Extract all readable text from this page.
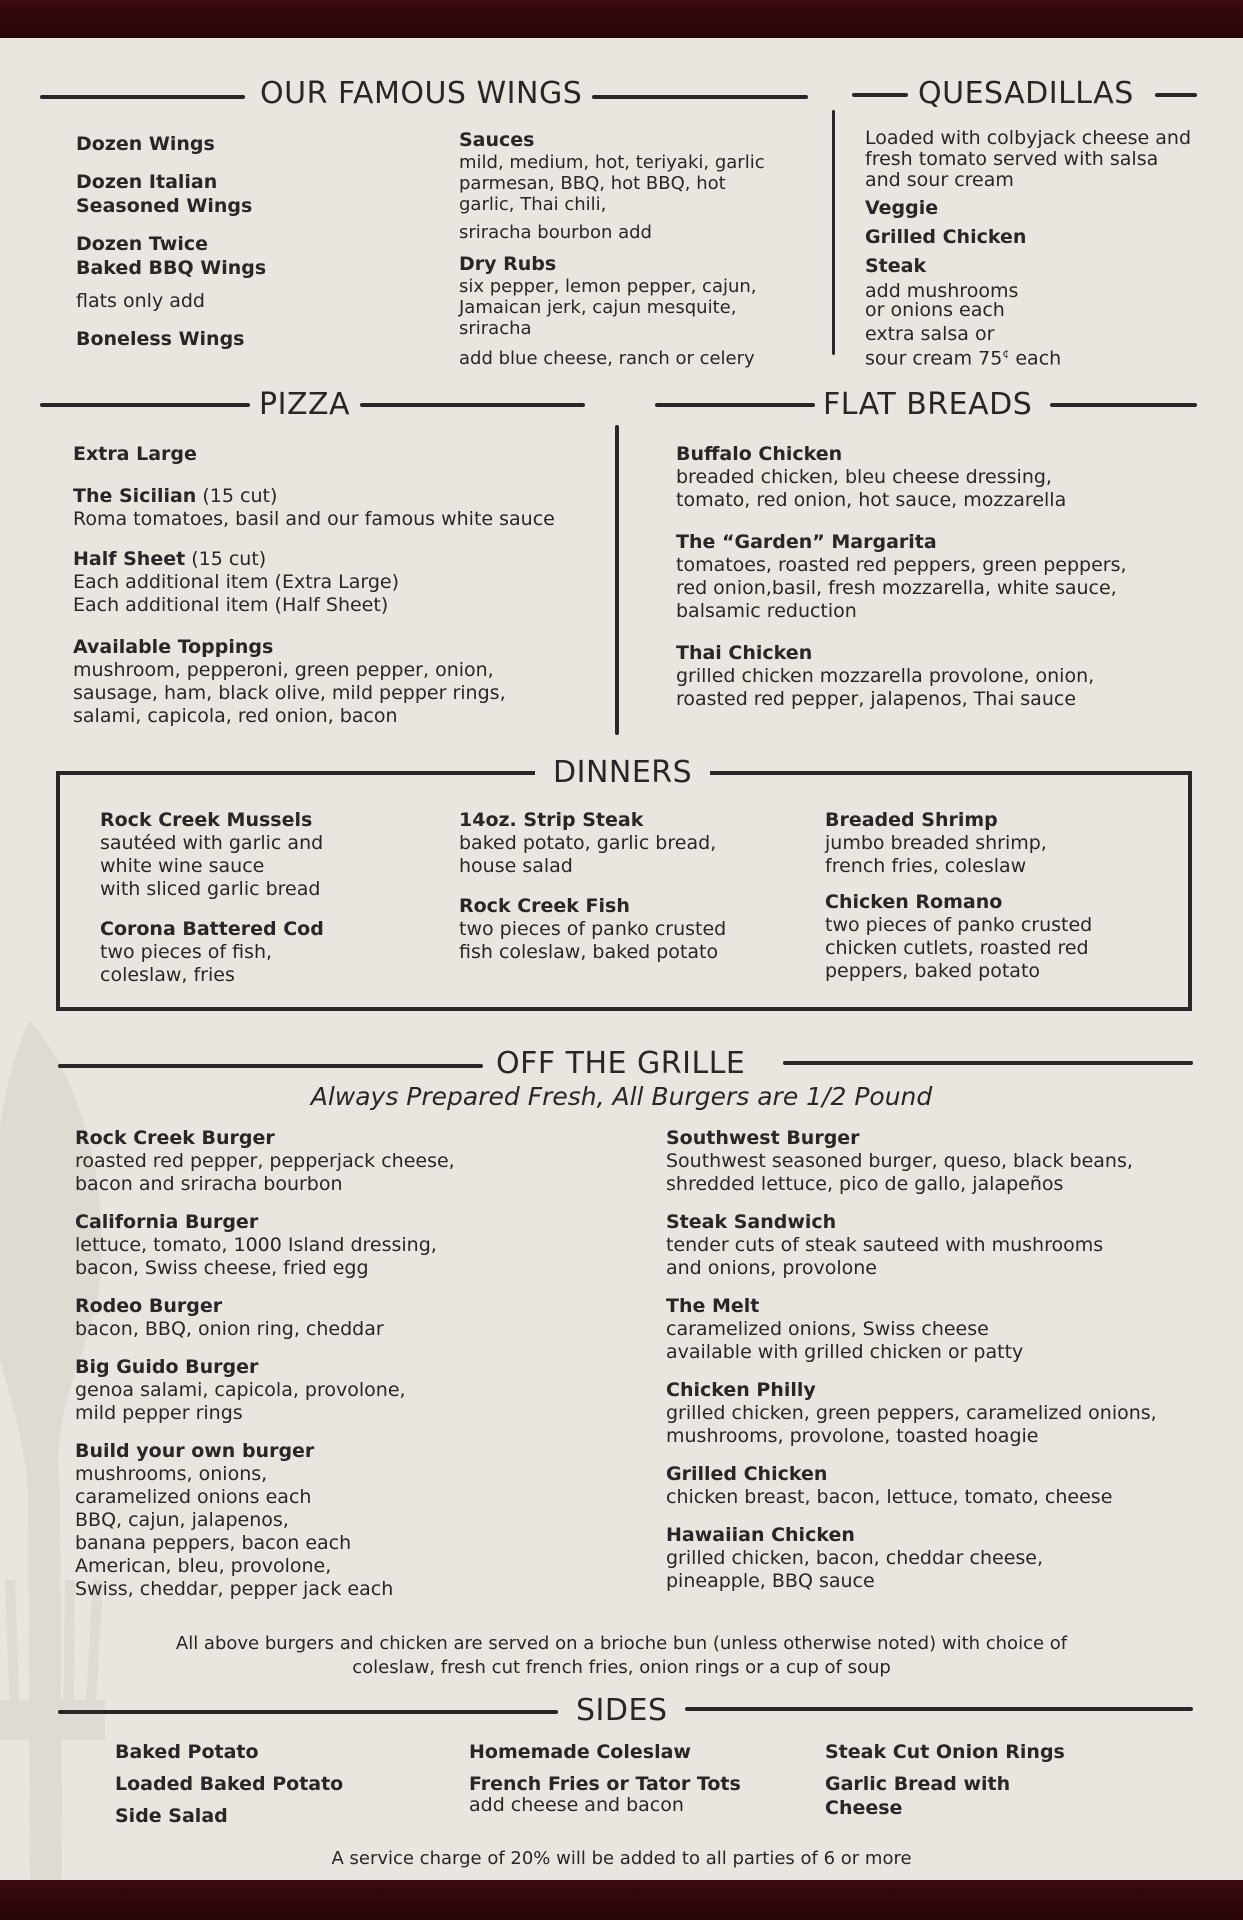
OUR FAMOUS WINGS
Dozen Wings
Dozen Italian
Seasoned Wings
Dozen Twice
Baked BBQ Wings
flats only add
Boneless Wings
Sauces
mild, medium, hot, teriyaki, garlic parmesan, BBQ, hot BBQ, hot garlic, Thai chili,
sriracha bourbon add
Dry Rubs
six pepper, lemon pepper, cajun, Jamaican jerk, cajun mesquite, sriracha
add blue cheese, ranch or celery
QUESADILLAS
Loaded with colbyjack cheese and fresh tomato served with salsa and sour cream
Veggie
Grilled Chicken
Steak
add mushrooms
or onions each
extra salsa or
sour cream 75¢ each
PIZZA
Extra Large
The Sicilian (15 cut)
Roma tomatoes, basil and our famous white sauce
Half Sheet (15 cut)
Each additional item (Extra Large)
Each additional item (Half Sheet)
Available Toppings
mushroom, pepperoni, green pepper, onion, sausage, ham, black olive, mild pepper rings, salami, capicola, red onion, bacon
FLAT BREADS
Buffalo Chicken
breaded chicken, bleu cheese dressing,
tomato, red onion, hot sauce, mozzarella
The “Garden” Margarita
tomatoes, roasted red peppers, green peppers,
red onion,basil, fresh mozzarella, white sauce,
balsamic reduction
Thai Chicken
grilled chicken mozzarella provolone, onion,
roasted red pepper, jalapenos, Thai sauce
DINNERS
Rock Creek Mussels
sautéed with garlic and
white wine sauce
with sliced garlic bread
Corona Battered Cod
two pieces of fish,
coleslaw, fries
14oz. Strip Steak
baked potato, garlic bread,
house salad
Rock Creek Fish
two pieces of panko crusted
fish coleslaw, baked potato
Breaded Shrimp
jumbo breaded shrimp,
french fries, coleslaw
Chicken Romano
two pieces of panko crusted
chicken cutlets, roasted red
peppers, baked potato
OFF THE GRILLE
Always Prepared Fresh, All Burgers are 1/2 Pound
Rock Creek Burger
roasted red pepper, pepperjack cheese,
bacon and sriracha bourbon
California Burger
lettuce, tomato, 1000 Island dressing,
bacon, Swiss cheese, fried egg
Rodeo Burger
bacon, BBQ, onion ring, cheddar
Big Guido Burger
genoa salami, capicola, provolone,
mild pepper rings
Build your own burger
mushrooms, onions,
caramelized onions each
BBQ, cajun, jalapenos,
banana peppers, bacon each
American, bleu, provolone,
Swiss, cheddar, pepper jack each
Southwest Burger
Southwest seasoned burger, queso, black beans,
shredded lettuce, pico de gallo, jalapeños
Steak Sandwich
tender cuts of steak sauteed with mushrooms
and onions, provolone
The Melt
caramelized onions, Swiss cheese
available with grilled chicken or patty
Chicken Philly
grilled chicken, green peppers, caramelized onions,
mushrooms, provolone, toasted hoagie
Grilled Chicken
chicken breast, bacon, lettuce, tomato, cheese
Hawaiian Chicken
grilled chicken, bacon, cheddar cheese,
pineapple, BBQ sauce
All above burgers and chicken are served on a brioche bun (unless otherwise noted) with choice of
coleslaw, fresh cut french fries, onion rings or a cup of soup
SIDES
Baked Potato
Loaded Baked Potato
Side Salad
Homemade Coleslaw
French Fries or Tator Tots
add cheese and bacon
Steak Cut Onion Rings
Garlic Bread with
Cheese
A service charge of 20% will be added to all parties of 6 or more
